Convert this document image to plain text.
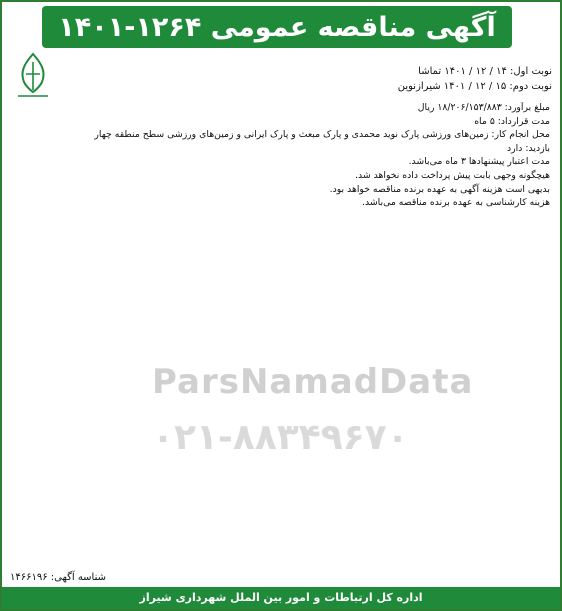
آگهی مناقصه عمومی ۱۲۶۴-۱۴۰۱
نوبت اول: ۱۴ / ۱۲ / ۱۴۰۱ تماشا
نوبت دوم: ۱۵ / ۱۲ / ۱۴۰۱ شیرازنوین

مبلغ برآورد: ۱۸/۲۰۶/۱۵۳/۸۸۳ ریال

مدت قرارداد: ۵ ماه

محل انجام کار: زمین‌های ورزشی پارک نوید محمدی و پارک مبعث و پارک ایرانی و زمین‌های ورزشی سطح منطقه چهار

بازدید: دارد

مدت اعتبار پیشنهادها ۳ ماه می‌باشد.

هیچگونه وجهی بابت پیش پرداخت داده نخواهد شد.

بدیهی است هزینه آگهی به عهده برنده مناقصه خواهد بود.

هزینه کارشناسی به عهده برنده مناقصه می‌باشد.

ParsNamadData
۰۲۱-۸۸۳۴۹۶۷۰
شناسه آگهی: ۱۴۶۶۱۹۶
اداره کل ارتباطات و امور بین الملل شهرداری شیراز
